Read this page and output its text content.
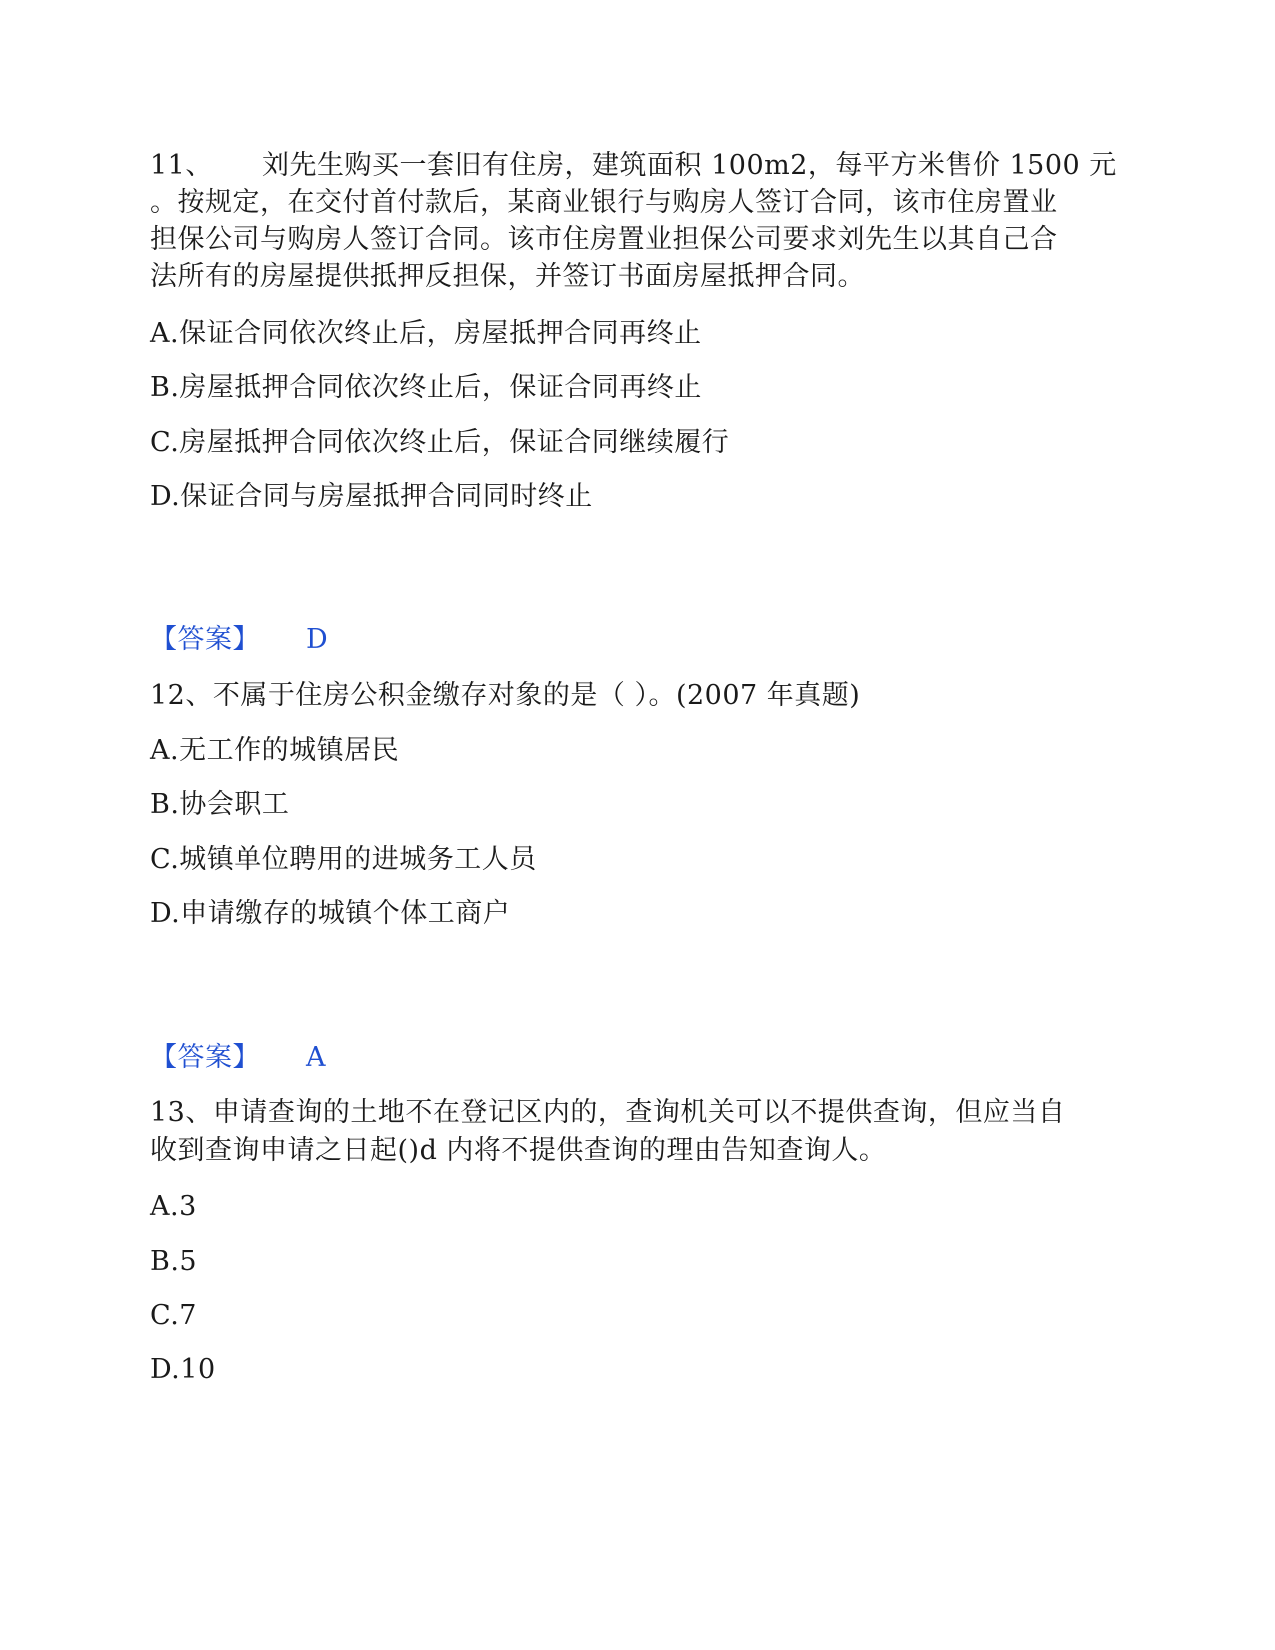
11、 刘先生购买一套旧有住房，建筑面积 100m2，每平方米售价 1500 元
。按规定，在交付首付款后，某商业银行与购房人签订合同，该市住房置业
担保公司与购房人签订合同。该市住房置业担保公司要求刘先生以其自己合
法所有的房屋提供抵押反担保，并签订书面房屋抵押合同。
A.保证合同依次终止后，房屋抵押合同再终止
B.房屋抵押合同依次终止后，保证合同再终止
C.房屋抵押合同依次终止后，保证合同继续履行
D.保证合同与房屋抵押合同同时终止
【答案】 D
12、不属于住房公积金缴存对象的是（ ）。(2007 年真题)
A.无工作的城镇居民
B.协会职工
C.城镇单位聘用的进城务工人员
D.申请缴存的城镇个体工商户
【答案】 A
13、申请查询的土地不在登记区内的，查询机关可以不提供查询，但应当自
收到查询申请之日起()d 内将不提供查询的理由告知查询人。
A.3
B.5
C.7
D.10
